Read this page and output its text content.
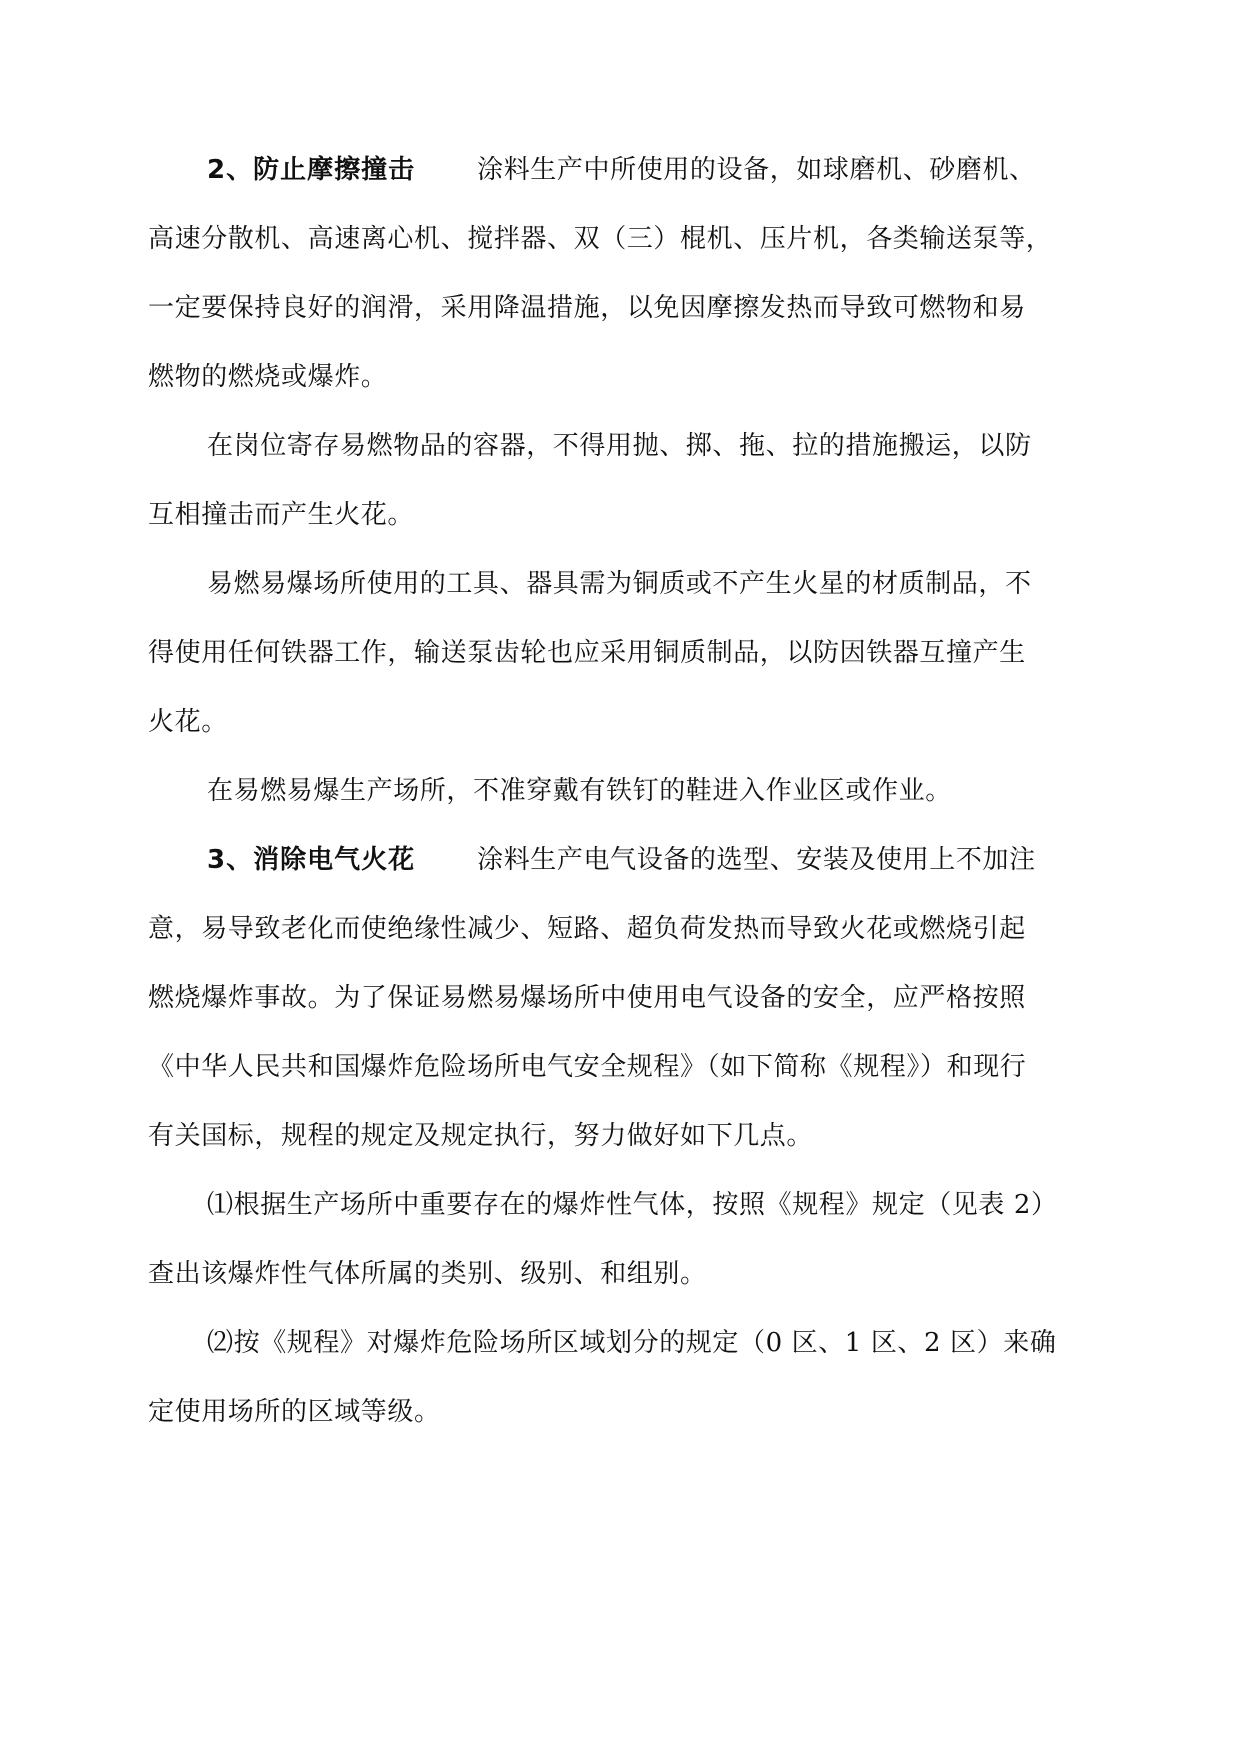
2、防止摩擦撞击 涂料生产中所使用的设备，如球磨机、砂磨机、
高速分散机、高速离心机、搅拌器、双（三）棍机、压片机，各类输送泵等，
一定要保持良好的润滑，采用降温措施，以免因摩擦发热而导致可燃物和易
燃物的燃烧或爆炸。
在岗位寄存易燃物品的容器，不得用抛、掷、拖、拉的措施搬运，以防
互相撞击而产生火花。
易燃易爆场所使用的工具、器具需为铜质或不产生火星的材质制品，不
得使用任何铁器工作，输送泵齿轮也应采用铜质制品，以防因铁器互撞产生
火花。
在易燃易爆生产场所，不准穿戴有铁钉的鞋进入作业区或作业。
3、消除电气火花 涂料生产电气设备的选型、安装及使用上不加注
意，易导致老化而使绝缘性减少、短路、超负荷发热而导致火花或燃烧引起
燃烧爆炸事故。为了保证易燃易爆场所中使用电气设备的安全，应严格按照
《中华人民共和国爆炸危险场所电气安全规程》（如下简称《规程》）和现行
有关国标，规程的规定及规定执行，努力做好如下几点。
⑴根据生产场所中重要存在的爆炸性气体，按照《规程》规定（见表 2）
查出该爆炸性气体所属的类别、级别、和组别。
⑵按《规程》对爆炸危险场所区域划分的规定（0 区、1 区、2 区）来确
定使用场所的区域等级。
